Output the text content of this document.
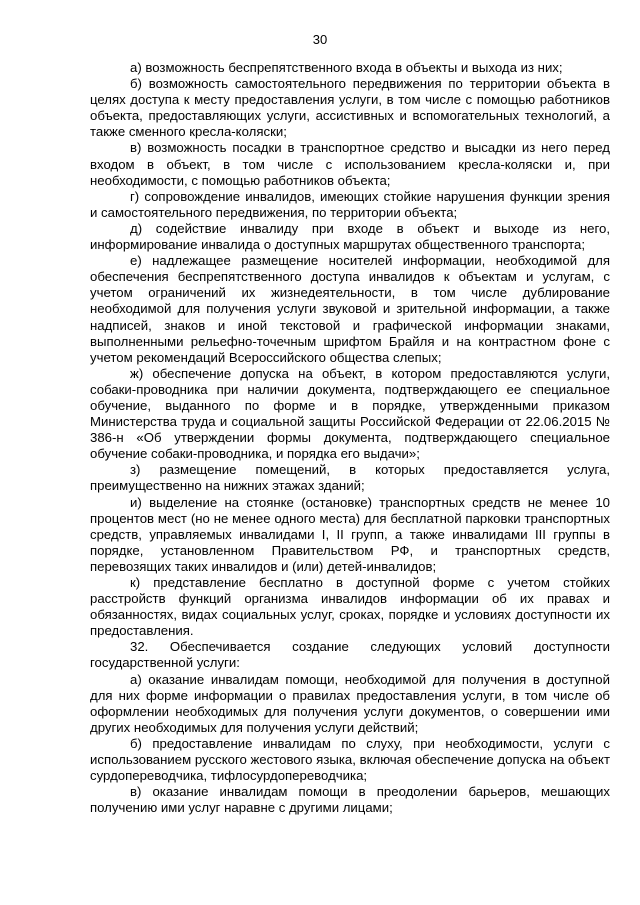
30

а) возможность беспрепятственного входа в объекты и выхода из них;

б) возможность самостоятельного передвижения по территории объекта в целях доступа к месту предоставления услуги, в том числе с помощью работников объекта, предоставляющих услуги, ассистивных и вспомогательных технологий, а также сменного кресла-коляски;

в) возможность посадки в транспортное средство и высадки из него перед входом в объект, в том числе с использованием кресла-коляски и, при необходимости, с помощью работников объекта;

г) сопровождение инвалидов, имеющих стойкие нарушения функции зрения и самостоятельного передвижения, по территории объекта;

д) содействие инвалиду при входе в объект и выходе из него, информирование инвалида о доступных маршрутах общественного транспорта;

е) надлежащее размещение носителей информации, необходимой для обеспечения беспрепятственного доступа инвалидов к объектам и услугам, с учетом ограничений их жизнедеятельности, в том числе дублирование необходимой для получения услуги звуковой и зрительной информации, а также надписей, знаков и иной текстовой и графической информации знаками, выполненными рельефно-точечным шрифтом Брайля и на контрастном фоне с учетом рекомендаций Всероссийского общества слепых;

ж) обеспечение допуска на объект, в котором предоставляются услуги, собаки-проводника при наличии документа, подтверждающего ее специальное обучение, выданного по форме и в порядке, утвержденными приказом Министерства труда и социальной защиты Российской Федерации от 22.06.2015 № 386-н «Об утверждении формы документа, подтверждающего специальное обучение собаки-проводника, и порядка его выдачи»;

з) размещение помещений, в которых предоставляется услуга, преимущественно на нижних этажах зданий;

и) выделение на стоянке (остановке) транспортных средств не менее 10 процентов мест (но не менее одного места) для бесплатной парковки транспортных средств, управляемых инвалидами I, II групп, а также инвалидами III группы в порядке, установленном Правительством РФ, и транспортных средств, перевозящих таких инвалидов и (или) детей-инвалидов;

к) представление бесплатно в доступной форме с учетом стойких расстройств функций организма инвалидов информации об их правах и обязанностях, видах социальных услуг, сроках, порядке и условиях доступности их предоставления.

32. Обеспечивается создание следующих условий доступности государственной услуги:

а) оказание инвалидам помощи, необходимой для получения в доступной для них форме информации о правилах предоставления услуги, в том числе об оформлении необходимых для получения услуги документов, о совершении ими других необходимых для получения услуги действий;

б) предоставление инвалидам по слуху, при необходимости, услуги с использованием русского жестового языка, включая обеспечение допуска на объект сурдопереводчика, тифлосурдопереводчика;

в) оказание инвалидам помощи в преодолении барьеров, мешающих получению ими услуг наравне с другими лицами;
